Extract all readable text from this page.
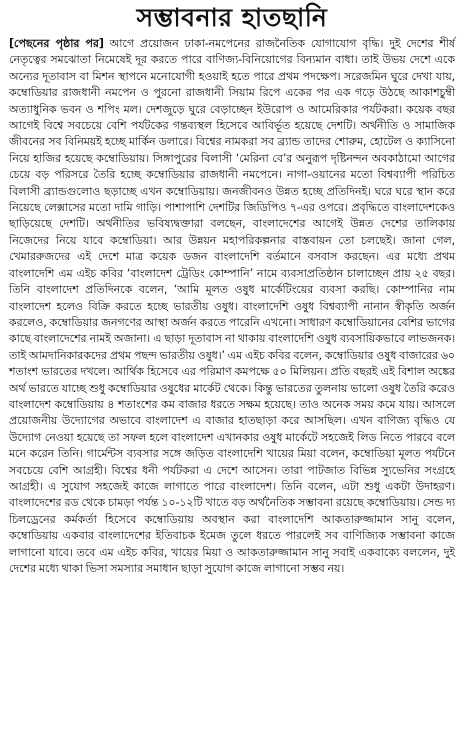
সম্ভাবনার হাতছানি

[পেছনের পৃষ্ঠার পর] আগে প্রয়োজন ঢাকা-নমপেনের রাজনৈতিক যোগাযোগ বৃদ্ধি। দুই দেশের শীর্ষ নেতৃত্বের সমঝোতা নিমেষেই দূর করতে পারে বাণিজ্য-বিনিয়োগের বিন্যমান বাধা। তাই উভয় দেশে একে অন্যের দূতাবাস বা মিশন স্থাপনে মনোযোগী হওয়াই হতে পারে প্রথম পদক্ষেপ। সরেজমিন ঘুরে দেখা যায়, কম্বোডিয়ার রাজধানী নমপেন ও পুরনো রাজধানী সিয়াম রিপে একের পর এক গড়ে উঠছে আকাশচুম্বী অত্যাধুনিক ভবন ও শপিং মল। দেশজুড়ে ঘুরে বেড়াচ্ছেন ইউরোপ ও আমেরিকার পর্যটকরা। কয়েক বছর আগেই বিশ্বে সবচেয়ে বেশি পর্যটকের গন্তব্যস্থল হিসেবে আবির্ভূত হয়েছে দেশটি। অর্থনীতি ও সামাজিক জীবনের সব বিনিময়ই হচ্ছে মার্কিন ডলারে। বিশ্বের নামকরা সব ব্র্যান্ড তাদের শোরুম, হোটেল ও ক্যাসিনো নিয়ে হাজির হয়েছে কম্বোডিয়ায়। সিঙ্গাপুরের বিলাসী ‘মেরিনা বে’র অনুরূপ দৃষ্টিনন্দন অবকাঠামো আগের চেয়ে বড় পরিসরে তৈরি হচ্ছে কম্বোডিয়ার রাজধানী নমপেনে। নাগা-ওয়ানের মতো বিশ্বব্যাপী পরিচিত বিলাসী ব্র্যান্ডগুলোও ছড়াচ্ছে এখন কম্বোডিয়ায়। জনজীবনও উন্নত হচ্ছে প্রতিদিনই। ঘরে ঘরে স্থান করে নিয়েছে লেক্সাসের মতো দামি গাড়ি। পাশাপাশি দেশটির জিডিপিও ৭-এর ওপরে। প্রবৃদ্ধিতে বাংলাদেশকেও ছাড়িয়েছে দেশটি। অর্থনীতির ভবিষ্যদ্বক্তারা বলছেন, বাংলাদেশের আগেই উন্নত দেশের তালিকায় নিজেদের নিয়ে যাবে কম্বোডিয়া। আর উন্নয়ন মহাপরিকল্পনার বাস্তবায়ন তো চলছেই। জানা গেল, খেমাররুজদের এই দেশে মাত্র কয়েক ডজন বাংলাদেশি বর্তমানে বসবাস করছেন। এর মধ্যে প্রথম বাংলাদেশি এম এইচ কবির ‘বাংলাদেশ ট্রেডিং কোম্পানি’ নামে ব্যবসাপ্রতিষ্ঠান চালাচ্ছেন প্রায় ২৫ বছর। তিনি বাংলাদেশ প্রতিদিনকে বলেন, ‘আমি মূলত ওষুধ মার্কেটিংয়ের ব্যবসা করছি। কোম্পানির নাম বাংলাদেশ হলেও বিক্রি করতে হচ্ছে ভারতীয় ওষুধ। বাংলাদেশি ওষুধ বিশ্বব্যাপী নানান স্বীকৃতি অর্জন করলেও, কম্বোডিয়ার জনগণের আস্থা অর্জন করতে পারেনি এখনো। সাধারণ কম্বোডিয়ানের বেশির ভাগের কাছে বাংলাদেশের নামই অজানা। এ ছাড়া দূতাবাস না থাকায় বাংলাদেশি ওষুধ ব্যবসায়িকভাবে লাভজনক। তাই আমদানিকারকদের প্রথম পছন্দ ভারতীয় ওষুধ।’ এম এইচ কবির বলেন, কম্বোডিয়ার ওষুধ বাজারের ৬০ শতাংশ ভারতের দখলে। আর্থিক হিসেবে এর পরিমাণ কমপক্ষে ৫০ মিলিয়ন। প্রতি বছরই এই বিশাল অঙ্কের অর্থ ভারতে যাচ্ছে শুধু কম্বোডিয়ার ওষুধের মার্কেট থেকে। কিন্তু ভারতের তুলনায় ভালো ওষুধ তৈরি করেও বাংলাদেশ কম্বোডিয়ায় ৪ শতাংশের কম বাজার ধরতে সক্ষম হয়েছে। তাও অনেক সময় কমে যায়। আসলে প্রয়োজনীয় উদ্যোগের অভাবে বাংলাদেশ এ বাজার হাতছাড়া করে আসছিল। এখন বাণিজ্য বৃদ্ধিও যে উদ্যোগ নেওয়া হয়েছে তা সফল হলে বাংলাদেশ এখানকার ওষুধ মার্কেটে সহজেই লিড নিতে পারবে বলে মনে করেন তিনি। গার্মেন্টস ব্যবসার সঙ্গে জড়িত বাংলাদেশি খায়ের মিয়া বলেন, কম্বোডিয়া মূলত পর্যটনে সবচেয়ে বেশি আগ্রহী। বিশ্বের ধনী পর্যটকরা এ দেশে আসেন। তারা পাটজাত বিভিন্ন স্যুভেনির সংগ্রহে আগ্রহী। এ সুযোগ সহজেই কাজে লাগাতে পারে বাংলাদেশ। তিনি বলেন, এটা শুধু একটা উদাহরণ। বাংলাদেশের রড থেকে চামড়া পর্যন্ত ১০-১২টি খাতে বড় অর্থনৈতিক সম্ভাবনা রয়েছে কম্বোডিয়ায়। সেন্ড দ্য চিলড্রেনের কর্মকর্তা হিসেবে কম্বোডিয়ায় অবস্থান করা বাংলাদেশি আকতারুজ্জামান সানু বলেন, কম্বোডিয়ায় একবার বাংলাদেশের ইতিবাচক ইমেজ তুলে ধরতে পারলেই সব বাণিজ্যিক সম্ভাবনা কাজে লাগানো যাবে। তবে এম এইচ কবির, খায়ের মিয়া ও আকতারুজ্জামান সানু সবাই একবাক্যে বললেন, দুই দেশের মধ্যে থাকা ভিসা সমস্যার সমাধান ছাড়া সুযোগ কাজে লাগানো সম্ভব নয়।
